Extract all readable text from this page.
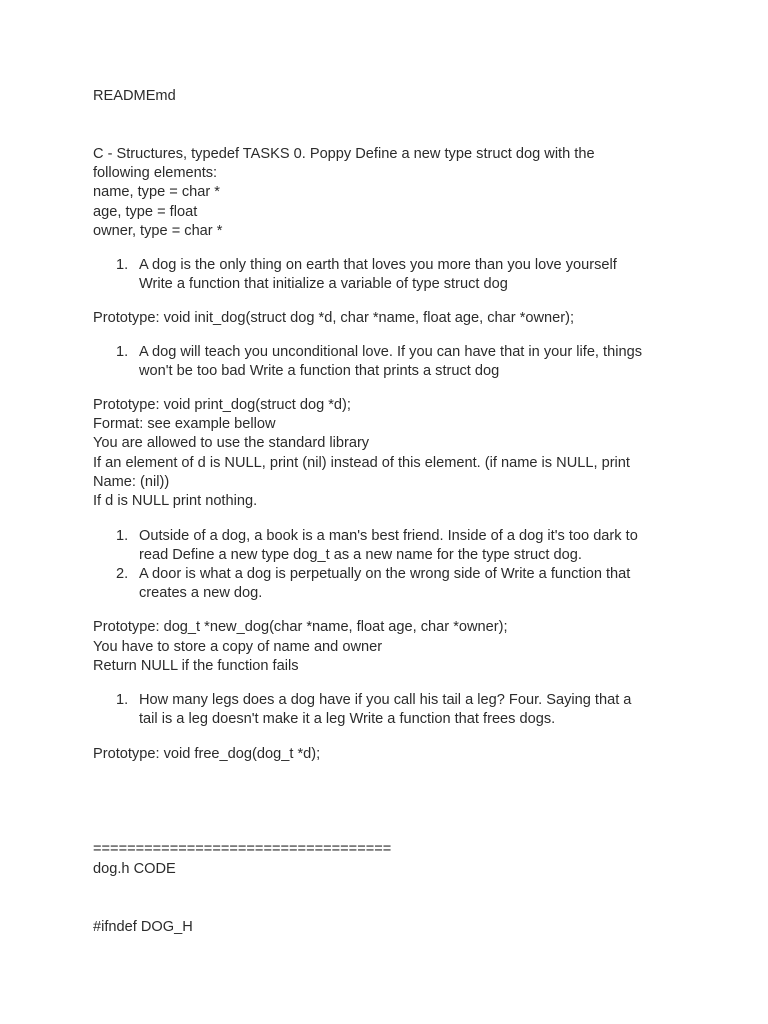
READMEmd
C - Structures, typedef TASKS 0. Poppy Define a new type struct dog with the
following elements:
name, type = char *
age, type = float
owner, type = char *
1. A dog is the only thing on earth that loves you more than you love yourself
Write a function that initialize a variable of type struct dog
Prototype: void init_dog(struct dog *d, char *name, float age, char *owner);
1. A dog will teach you unconditional love. If you can have that in your life, things
won't be too bad Write a function that prints a struct dog
Prototype: void print_dog(struct dog *d);
Format: see example bellow
You are allowed to use the standard library
If an element of d is NULL, print (nil) instead of this element. (if name is NULL, print
Name: (nil))
If d is NULL print nothing.
1. Outside of a dog, a book is a man's best friend. Inside of a dog it's too dark to
read Define a new type dog_t as a new name for the type struct dog.
2. A door is what a dog is perpetually on the wrong side of Write a function that
creates a new dog.
Prototype: dog_t *new_dog(char *name, float age, char *owner);
You have to store a copy of name and owner
Return NULL if the function fails
1. How many legs does a dog have if you call his tail a leg? Four. Saying that a
tail is a leg doesn't make it a leg Write a function that frees dogs.
Prototype: void free_dog(dog_t *d);
===================================
dog.h CODE
#ifndef DOG_H
